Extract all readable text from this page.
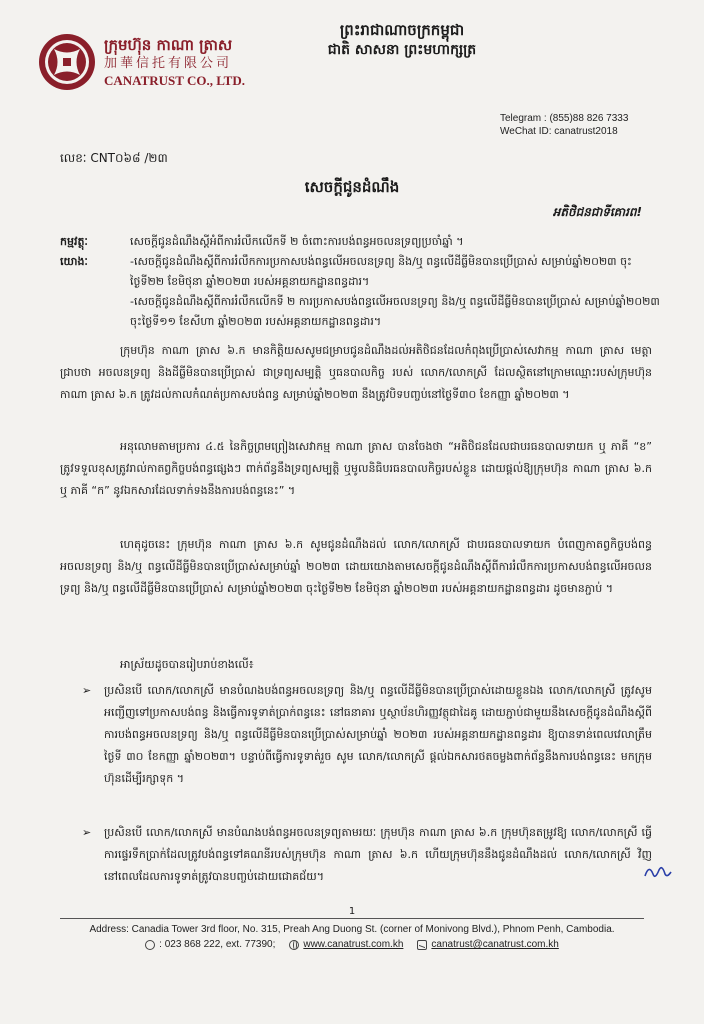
ក្រុមហ៊ុន កាណា ត្រាស
加華信托有限公司
CANATRUST CO., LTD.
ព្រះរាជាណាចក្រកម្ពុជា
ជាតិ សាសនា ព្រះមហាក្សត្រ
Telegram : (855)88 826 7333
WeChat ID: canatrust2018
លេខៈ CNT០៦៨ /២៣
សេចក្ដីជូនដំណឹង
អតិថិជនជាទីគោរព!
កម្មវត្ថុៈ	សេចក្ដីជូនដំណឹងស្ដីអំពីការរំលឹកលើកទី ២ ចំពោះការបង់ពន្ធអចលនទ្រព្យប្រចាំឆ្នាំ ។
យោងៈ	-សេចក្ដីជូនដំណឹងស្ដីពីការរំលឹកការប្រកាសបង់ពន្ធលើអចលនទ្រព្យ និង/ឬ ពន្ធលើដីធ្លីមិនបានប្រើប្រាស់ សម្រាប់ឆ្នាំ២០២៣ ចុះថ្ងៃទី២២ ខែមិថុនា ឆ្នាំ២០២៣ របស់អគ្គនាយកដ្ឋានពន្ធដារ។
-សេចក្ដីជូនដំណឹងស្ដីពីការរំលឹកលើកទី ២ ការប្រកាសបង់ពន្ធលើអចលនទ្រព្យ និង/ឬ ពន្ធលើដីធ្លីមិនបានប្រើប្រាស់ សម្រាប់ឆ្នាំ២០២៣ ចុះថ្ងៃទី១១ ខែសីហា ឆ្នាំ២០២៣ របស់អគ្គនាយកដ្ឋានពន្ធដារ។
ក្រុមហ៊ុន កាណា ត្រាស ៦.ក មានកិត្តិយសសូមជម្រាបជូនដំណឹងដល់អតិថិជនដែលកំពុងប្រើប្រាស់សេវាកម្ម កាណា ត្រាស មេត្តាជ្រាបថា អចលនទ្រព្យ និងដីធ្លីមិនបានប្រើប្រាស់ ជាទ្រព្យសម្បត្តិ ឬធនបាលកិច្ច របស់ លោក/លោកស្រី ដែលស្ថិតនៅក្រោមឈ្មោះរបស់ក្រុមហ៊ុន កាណា ត្រាស ៦.ក ត្រូវដល់កាលកំណត់ប្រកាសបង់ពន្ធ សម្រាប់ឆ្នាំ២០២៣ នឹងត្រូវបិទបញ្ចប់នៅថ្ងៃទី៣០ ខែកញ្ញា ឆ្នាំ២០២៣ ។
អនុលោមតាមប្រការ ៤.៥ នៃកិច្ចព្រមព្រៀងសេវាកម្ម កាណា ត្រាស បានចែងថា “អតិថិជនដែលជាបរធនបាលទាយក ឬ ភាគី “ខ” ត្រូវទទួលខុសត្រូវរាល់កាតព្វកិច្ចបង់ពន្ធផ្សេងៗ ពាក់ព័ន្ធនឹងទ្រព្យសម្បត្តិ ឬមូលនិធិបរធនបាលកិច្ចរបស់ខ្លួន ដោយផ្ដល់ឱ្យក្រុមហ៊ុន កាណា ត្រាស ៦.ក ឬ ភាគី “ក” នូវឯកសារដែលទាក់ទងនឹងការបង់ពន្ធនេះ” ។
ហេតុដូចនេះ ក្រុមហ៊ុន កាណា ត្រាស ៦.ក សូមជូនដំណឹងដល់ លោក/លោកស្រី ជាបរធនបាលទាយក បំពេញកាតព្វកិច្ចបង់ពន្ធអចលនទ្រព្យ និង/ឬ ពន្ធលើដីធ្លីមិនបានប្រើប្រាស់សម្រាប់ឆ្នាំ ២០២៣ ដោយយោងតាមសេចក្ដីជូនដំណឹងស្ដីពីការរំលឹកការប្រកាសបង់ពន្ធលើអចលនទ្រព្យ និង/ឬ ពន្ធលើដីធ្លីមិនបានប្រើប្រាស់ សម្រាប់ឆ្នាំ២០២៣ ចុះថ្ងៃទី២២ ខែមិថុនា ឆ្នាំ២០២៣ របស់អគ្គនាយកដ្ឋានពន្ធដារ ដូចមានភ្ជាប់ ។
អាស្រ័យដូចបានរៀបរាប់ខាងលើ៖
➢ ប្រសិនបើ លោក/លោកស្រី មានបំណងបង់ពន្ធអចលនទ្រព្យ និង/ឬ ពន្ធលើដីធ្លីមិនបានប្រើប្រាស់ដោយខ្លួនឯង លោក/លោកស្រី ត្រូវសូមអញ្ជើញទៅប្រកាសបង់ពន្ធ និងធ្វើការទូទាត់ប្រាក់ពន្ធនេះ នៅធនាគារ ឬស្ថាប័នហិរញ្ញវត្ថុជាដៃគូ ដោយភ្ជាប់ជាមួយនឹងសេចក្ដីជូនដំណឹងស្ដីពីការបង់ពន្ធអចលនទ្រព្យ និង/ឬ ពន្ធលើដីធ្លីមិនបានប្រើប្រាស់សម្រាប់ឆ្នាំ ២០២៣ របស់អគ្គនាយកដ្ឋានពន្ធដារ ឱ្យបានទាន់ពេលវេលាត្រឹមថ្ងៃទី ៣០ ខែកញ្ញា ឆ្នាំ២០២៣។ បន្ទាប់ពីធ្វើការទូទាត់រួច សូម លោក/លោកស្រី ផ្ដល់ឯកសារថតចម្លងពាក់ព័ន្ធនឹងការបង់ពន្ធនេះ មកក្រុមហ៊ុនដើម្បីរក្សាទុក ។
➢ ប្រសិនបើ លោក/លោកស្រី មានបំណងបង់ពន្ធអចលនទ្រព្យតាមរយៈ ក្រុមហ៊ុន កាណា ត្រាស ៦.ក ក្រុមហ៊ុនតម្រូវឱ្យ លោក/លោកស្រី ធ្វើការផ្ទេរទឹកប្រាក់ដែលត្រូវបង់ពន្ធទៅគណនីរបស់ក្រុមហ៊ុន កាណា ត្រាស ៦.ក ហើយក្រុមហ៊ុននឹងជូនដំណឹងដល់ លោក/លោកស្រី វិញ នៅពេលដែលការទូទាត់ត្រូវបានបញ្ចប់ដោយជោគជ័យ។
1
Address: Canadia Tower 3rd floor, No. 315, Preah Ang Duong St. (corner of Monivong Blvd.), Phnom Penh, Cambodia.
: 023 868 222, ext. 77390;	www.canatrust.com.kh	canatrust@canatrust.com.kh
